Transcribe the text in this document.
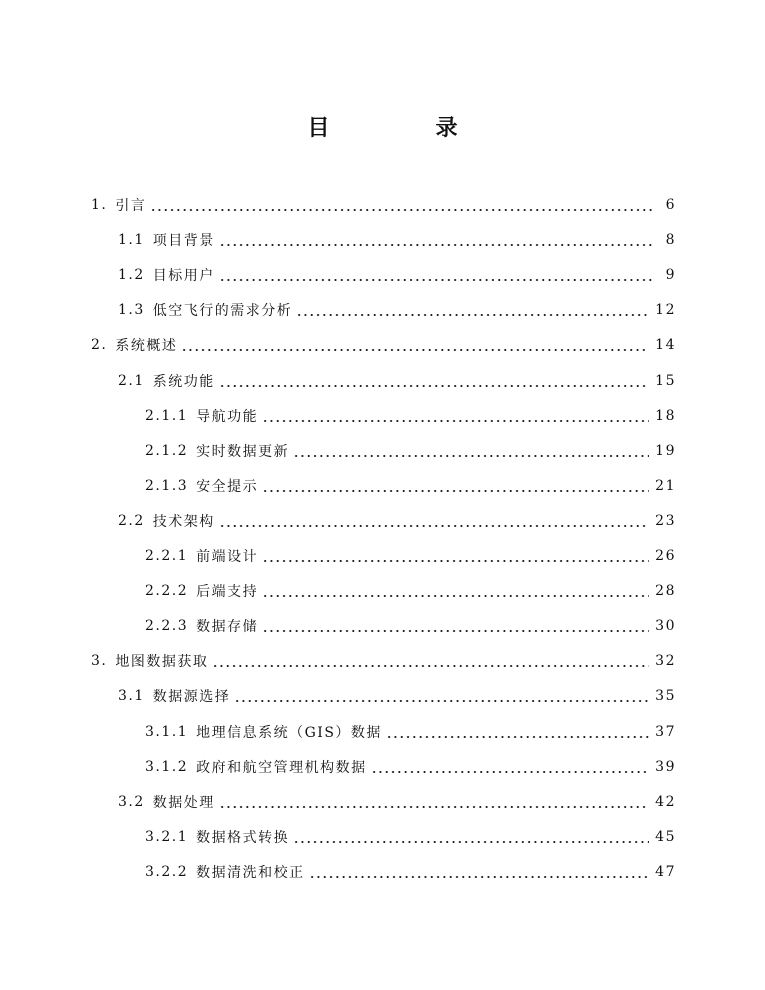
目　录
1. 引言	6
1.1 项目背景	8
1.2 目标用户	9
1.3 低空飞行的需求分析	12
2. 系统概述	14
2.1 系统功能	15
2.1.1 导航功能	18
2.1.2 实时数据更新	19
2.1.3 安全提示	21
2.2 技术架构	23
2.2.1 前端设计	26
2.2.2 后端支持	28
2.2.3 数据存储	30
3. 地图数据获取	32
3.1 数据源选择	35
3.1.1 地理信息系统（GIS）数据	37
3.1.2 政府和航空管理机构数据	39
3.2 数据处理	42
3.2.1 数据格式转换	45
3.2.2 数据清洗和校正	47
